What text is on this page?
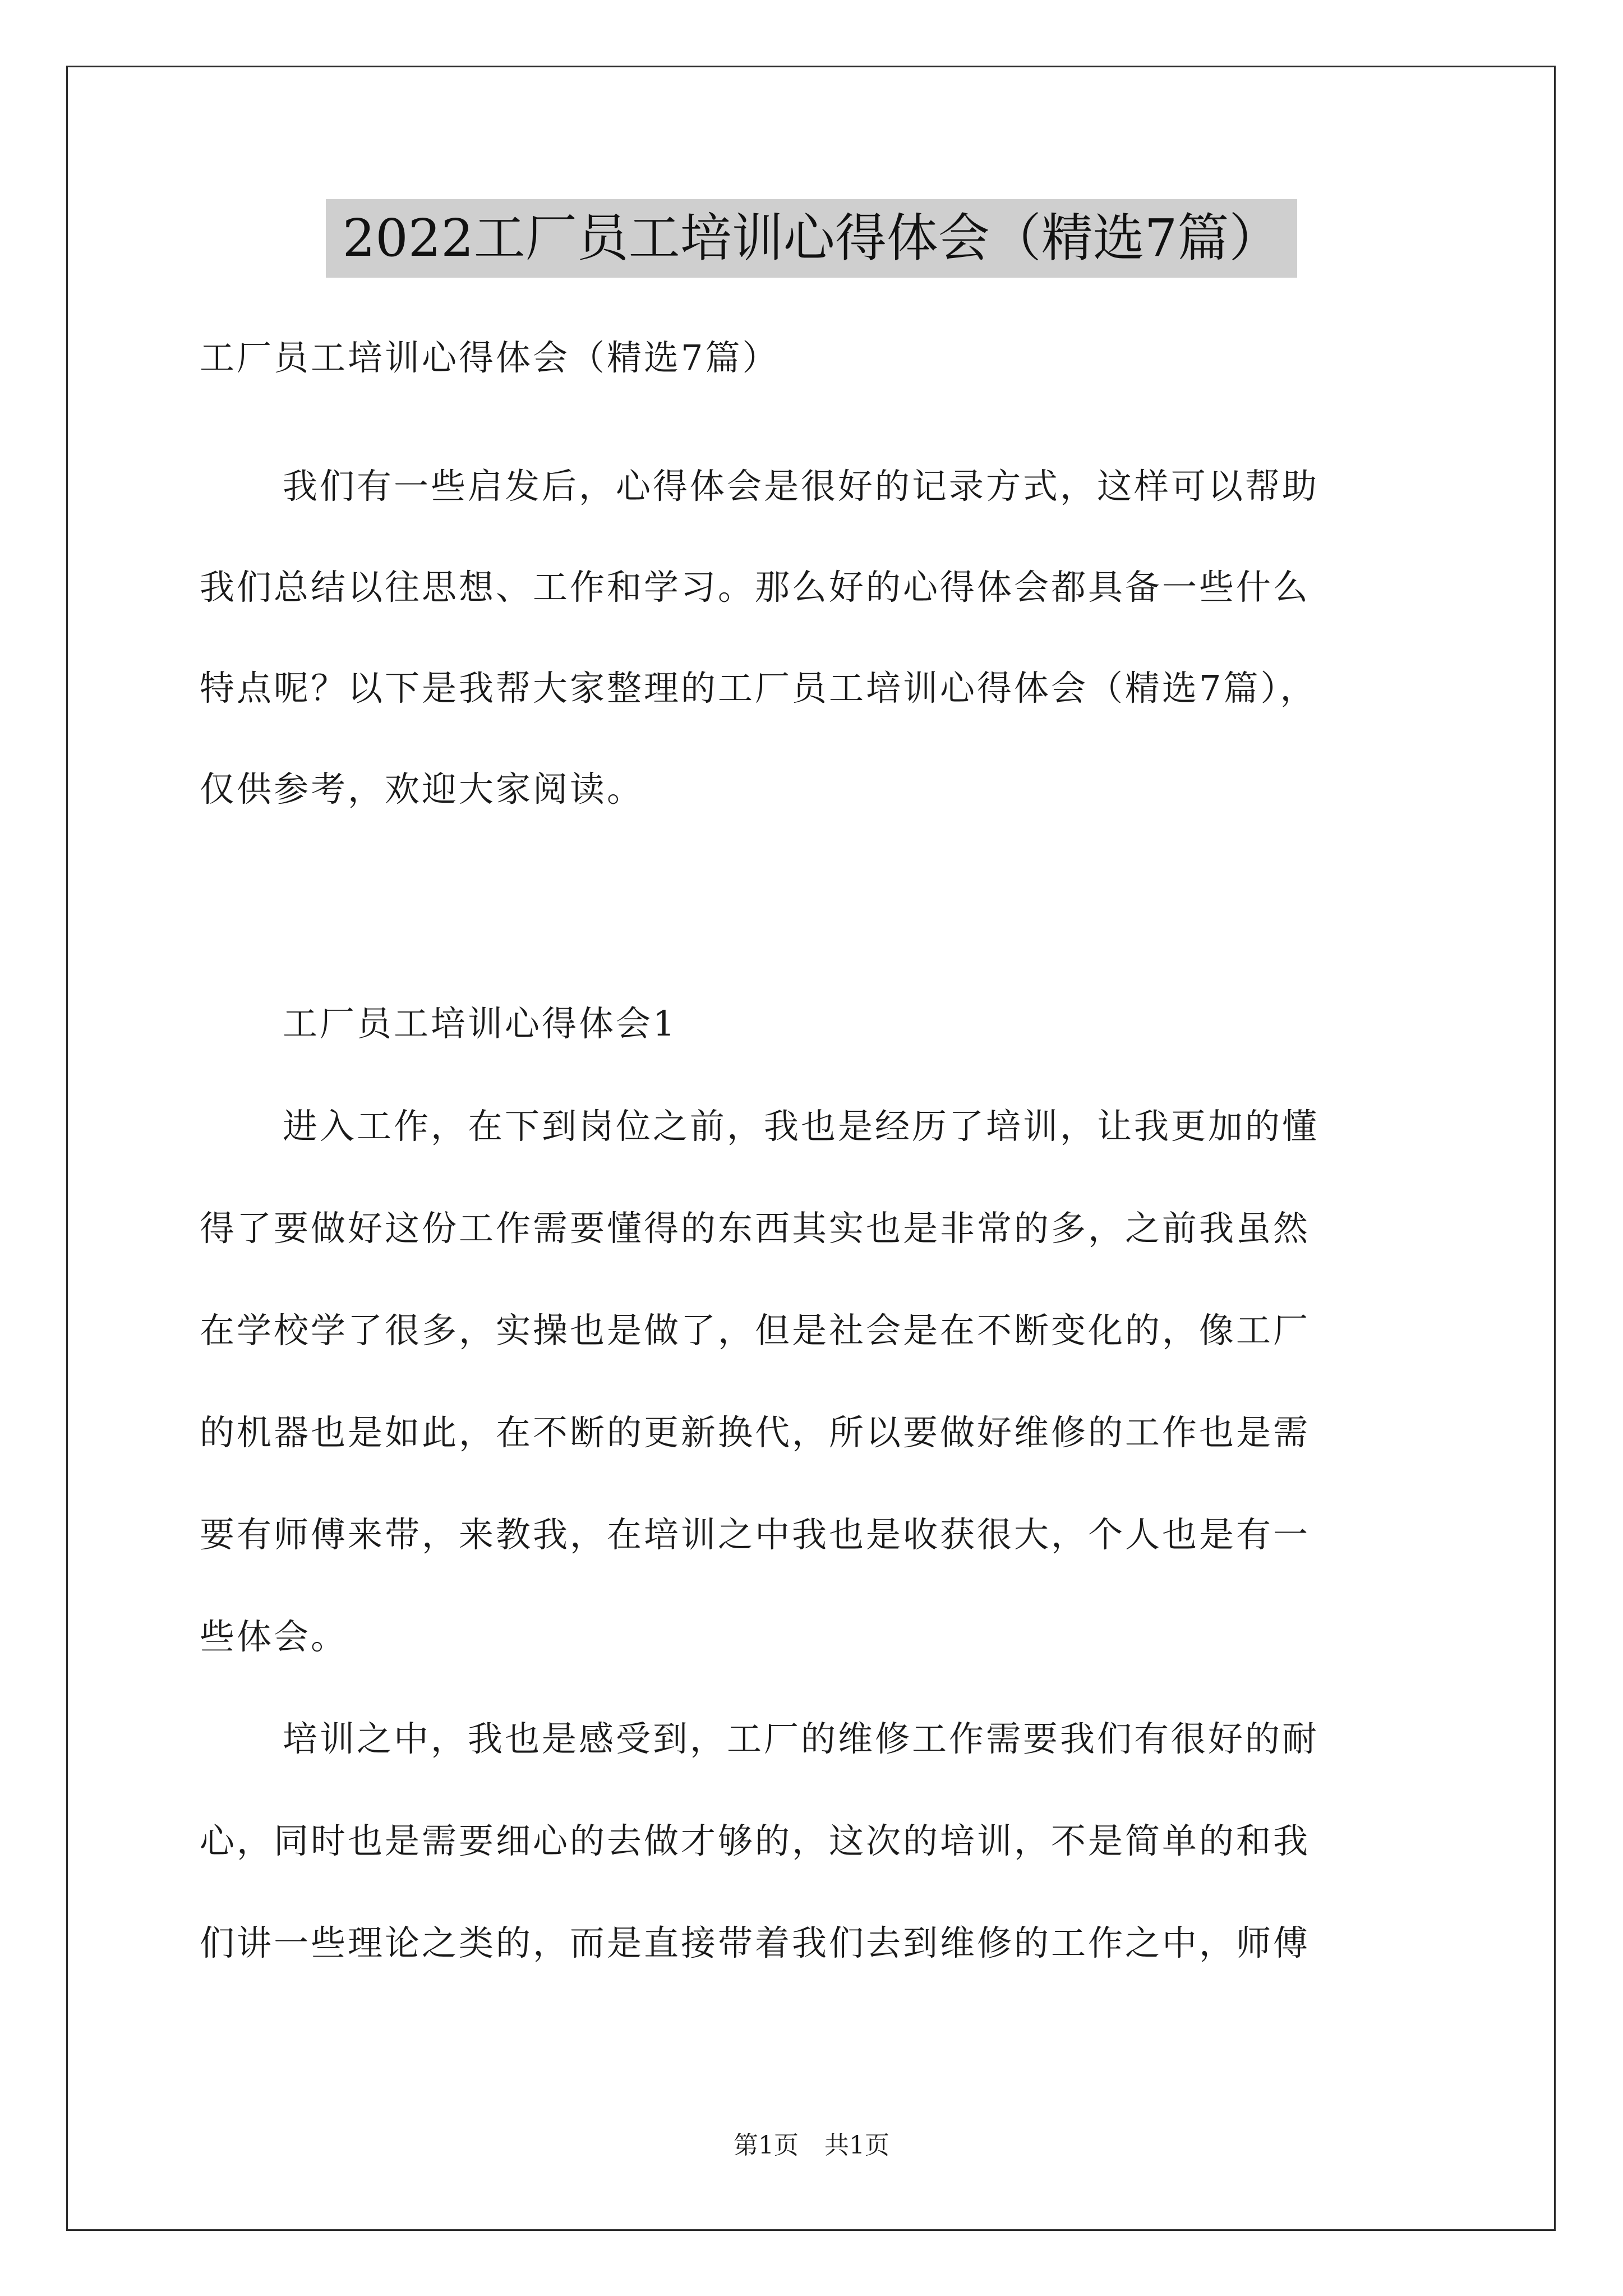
2022工厂员工培训心得体会（精选7篇）
工厂员工培训心得体会（精选7篇）
我们有一些启发后，心得体会是很好的记录方式，这样可以帮助
我们总结以往思想、工作和学习。那么好的心得体会都具备一些什么
特点呢？以下是我帮大家整理的工厂员工培训心得体会（精选7篇），
仅供参考，欢迎大家阅读。
工厂员工培训心得体会1
进入工作，在下到岗位之前，我也是经历了培训，让我更加的懂
得了要做好这份工作需要懂得的东西其实也是非常的多，之前我虽然
在学校学了很多，实操也是做了，但是社会是在不断变化的，像工厂
的机器也是如此，在不断的更新换代，所以要做好维修的工作也是需
要有师傅来带，来教我，在培训之中我也是收获很大，个人也是有一
些体会。
培训之中，我也是感受到，工厂的维修工作需要我们有很好的耐
心，同时也是需要细心的去做才够的，这次的培训，不是简单的和我
们讲一些理论之类的，而是直接带着我们去到维修的工作之中，师傅
第1页 共1页
